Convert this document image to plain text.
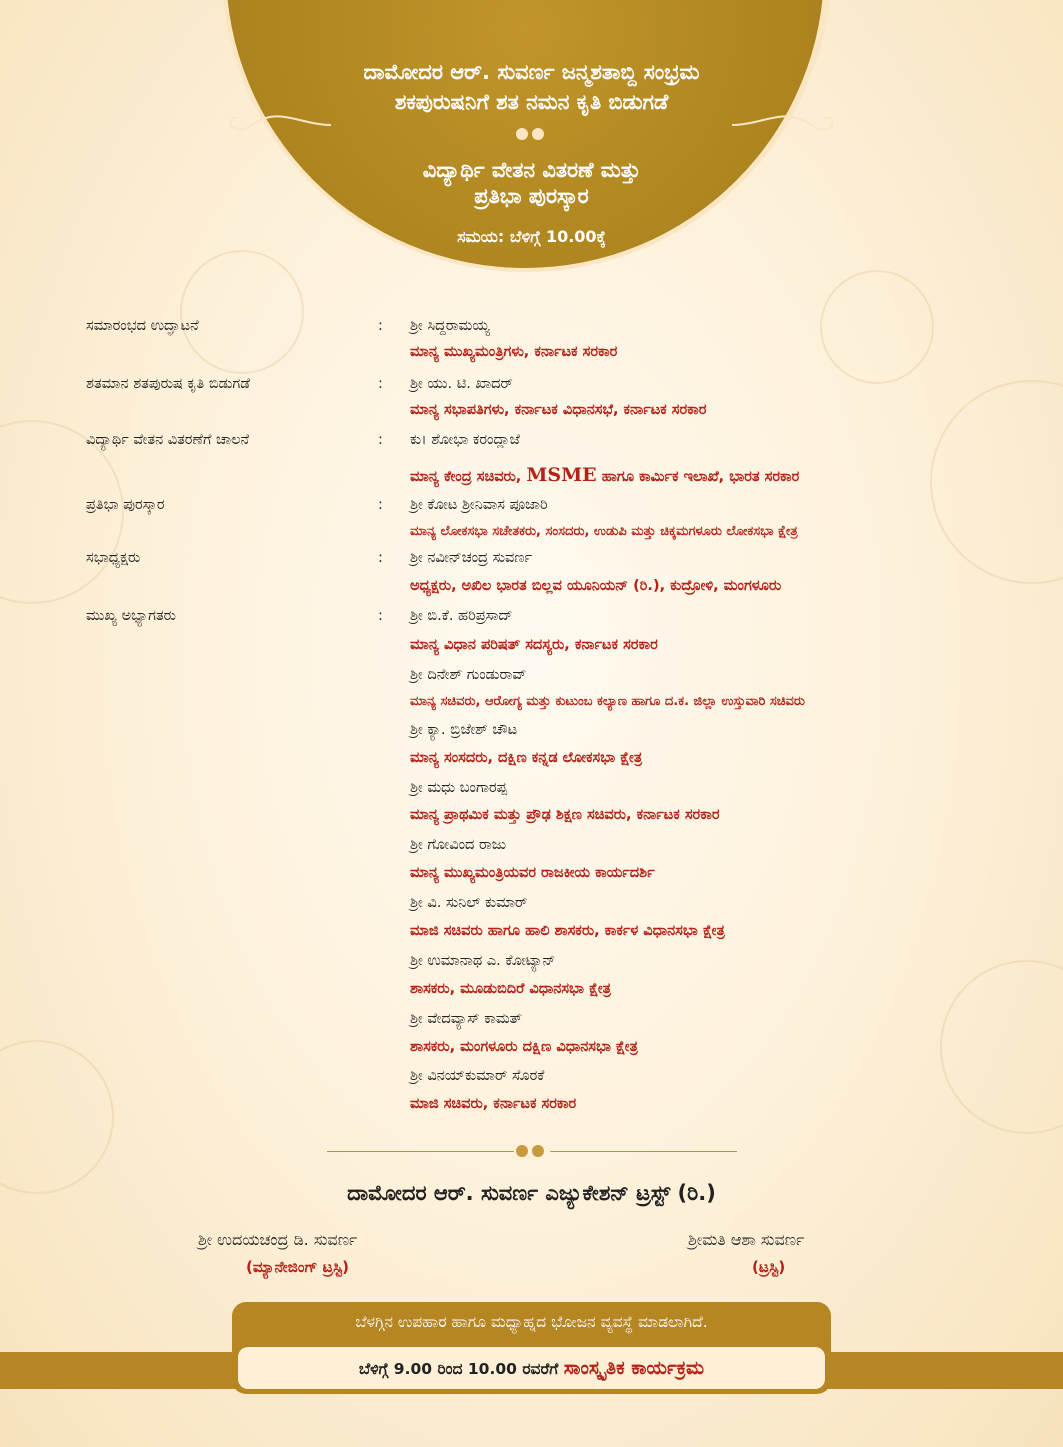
ದಾಮೋದರ ಆರ್. ಸುವರ್ಣ ಜನ್ಮಶತಾಬ್ದಿ ಸಂಭ್ರಮ
ಶಕಪುರುಷನಿಗೆ ಶತ ನಮನ ಕೃತಿ ಬಿಡುಗಡೆ
ವಿದ್ಯಾರ್ಥಿ ವೇತನ ವಿತರಣೆ ಮತ್ತು
ಪ್ರತಿಭಾ ಪುರಸ್ಕಾರ
ಸಮಯ: ಬೆಳಿಗ್ಗೆ 10.00ಕ್ಕೆ
ಸಮಾರಂಭದ ಉದ್ಘಾಟನೆ	: ಶ್ರೀ ಸಿದ್ದರಾಮಯ್ಯ
ಮಾನ್ಯ ಮುಖ್ಯಮಂತ್ರಿಗಳು, ಕರ್ನಾಟಕ ಸರಕಾರ
ಶತಮಾನ ಶತಪುರುಷ ಕೃತಿ ಬಿಡುಗಡೆ	: ಶ್ರೀ ಯು. ಟಿ. ಖಾದರ್
ಮಾನ್ಯ ಸಭಾಪತಿಗಳು, ಕರ್ನಾಟಕ ವಿಧಾನಸಭೆ, ಕರ್ನಾಟಕ ಸರಕಾರ
ವಿದ್ಯಾರ್ಥಿ ವೇತನ ವಿತರಣೆಗೆ ಚಾಲನೆ	: ಕು। ಶೋಭಾ ಕರಂದ್ಲಾಜೆ
ಮಾನ್ಯ ಕೇಂದ್ರ ಸಚಿವರು, MSME ಹಾಗೂ ಕಾರ್ಮಿಕ ಇಲಾಖೆ, ಭಾರತ ಸರಕಾರ
ಪ್ರತಿಭಾ ಪುರಸ್ಕಾರ	: ಶ್ರೀ ಕೋಟ ಶ್ರೀನಿವಾಸ ಪೂಜಾರಿ
ಮಾನ್ಯ ಲೋಕಸಭಾ ಸಚೇತಕರು, ಸಂಸದರು, ಉಡುಪಿ ಮತ್ತು ಚಿಕ್ಕಮಗಳೂರು ಲೋಕಸಭಾ ಕ್ಷೇತ್ರ
ಸಭಾಧ್ಯಕ್ಷರು	: ಶ್ರೀ ನವೀನ್‌ಚಂದ್ರ ಸುವರ್ಣ
ಅಧ್ಯಕ್ಷರು, ಅಖಿಲ ಭಾರತ ಬಿಲ್ಲವ ಯೂನಿಯನ್ (ರಿ.), ಕುದ್ರೋಳಿ, ಮಂಗಳೂರು
ಮುಖ್ಯ ಅಭ್ಯಾಗತರು	: ಶ್ರೀ ಬಿ.ಕೆ. ಹರಿಪ್ರಸಾದ್
ಮಾನ್ಯ ವಿಧಾನ ಪರಿಷತ್ ಸದಸ್ಯರು, ಕರ್ನಾಟಕ ಸರಕಾರ
ಶ್ರೀ ದಿನೇಶ್ ಗುಂಡುರಾವ್
ಮಾನ್ಯ ಸಚಿವರು, ಆರೋಗ್ಯ ಮತ್ತು ಕುಟುಂಬ ಕಲ್ಯಾಣ ಹಾಗೂ ದ.ಕ. ಜಿಲ್ಲಾ ಉಸ್ತುವಾರಿ ಸಚಿವರು
ಶ್ರೀ ಕ್ಯಾ. ಬ್ರಿಜೇಶ್ ಚೌಟ
ಮಾನ್ಯ ಸಂಸದರು, ದಕ್ಷಿಣ ಕನ್ನಡ ಲೋಕಸಭಾ ಕ್ಷೇತ್ರ
ಶ್ರೀ ಮಧು ಬಂಗಾರಪ್ಪ
ಮಾನ್ಯ ಪ್ರಾಥಮಿಕ ಮತ್ತು ಪ್ರೌಢ ಶಿಕ್ಷಣ ಸಚಿವರು, ಕರ್ನಾಟಕ ಸರಕಾರ
ಶ್ರೀ ಗೋವಿಂದ ರಾಜು
ಮಾನ್ಯ ಮುಖ್ಯಮಂತ್ರಿಯವರ ರಾಜಕೀಯ ಕಾರ್ಯದರ್ಶಿ
ಶ್ರೀ ವಿ. ಸುನಿಲ್ ಕುಮಾರ್
ಮಾಜಿ ಸಚಿವರು ಹಾಗೂ ಹಾಲಿ ಶಾಸಕರು, ಕಾರ್ಕಳ ವಿಧಾನಸಭಾ ಕ್ಷೇತ್ರ
ಶ್ರೀ ಉಮಾನಾಥ ಎ. ಕೋಟ್ಯಾನ್
ಶಾಸಕರು, ಮೂಡುಬಿದಿರೆ ವಿಧಾನಸಭಾ ಕ್ಷೇತ್ರ
ಶ್ರೀ ವೇದವ್ಯಾಸ್ ಕಾಮತ್
ಶಾಸಕರು, ಮಂಗಳೂರು ದಕ್ಷಿಣ ವಿಧಾನಸಭಾ ಕ್ಷೇತ್ರ
ಶ್ರೀ ವಿನಯ್‌ಕುಮಾರ್ ಸೊರಕೆ
ಮಾಜಿ ಸಚಿವರು, ಕರ್ನಾಟಕ ಸರಕಾರ
ದಾಮೋದರ ಆರ್. ಸುವರ್ಣ ಎಜ್ಯುಕೇಶನ್ ಟ್ರಸ್ಟ್ (ರಿ.)
ಶ್ರೀ ಉದಯಚಂದ್ರ ಡಿ. ಸುವರ್ಣ
(ಮ್ಯಾನೇಜಿಂಗ್ ಟ್ರಸ್ಟಿ)
ಶ್ರೀಮತಿ ಆಶಾ ಸುವರ್ಣ
(ಟ್ರಸ್ಟಿ)
ಬೆಳಗ್ಗಿನ ಉಪಹಾರ ಹಾಗೂ ಮಧ್ಯಾಹ್ನದ ಭೋಜನ ವ್ಯವಸ್ಥೆ ಮಾಡಲಾಗಿದೆ.
ಬೆಳಿಗ್ಗೆ 9.00 ರಿಂದ 10.00 ರವರೆಗೆ ಸಾಂಸ್ಕೃತಿಕ ಕಾರ್ಯಕ್ರಮ
